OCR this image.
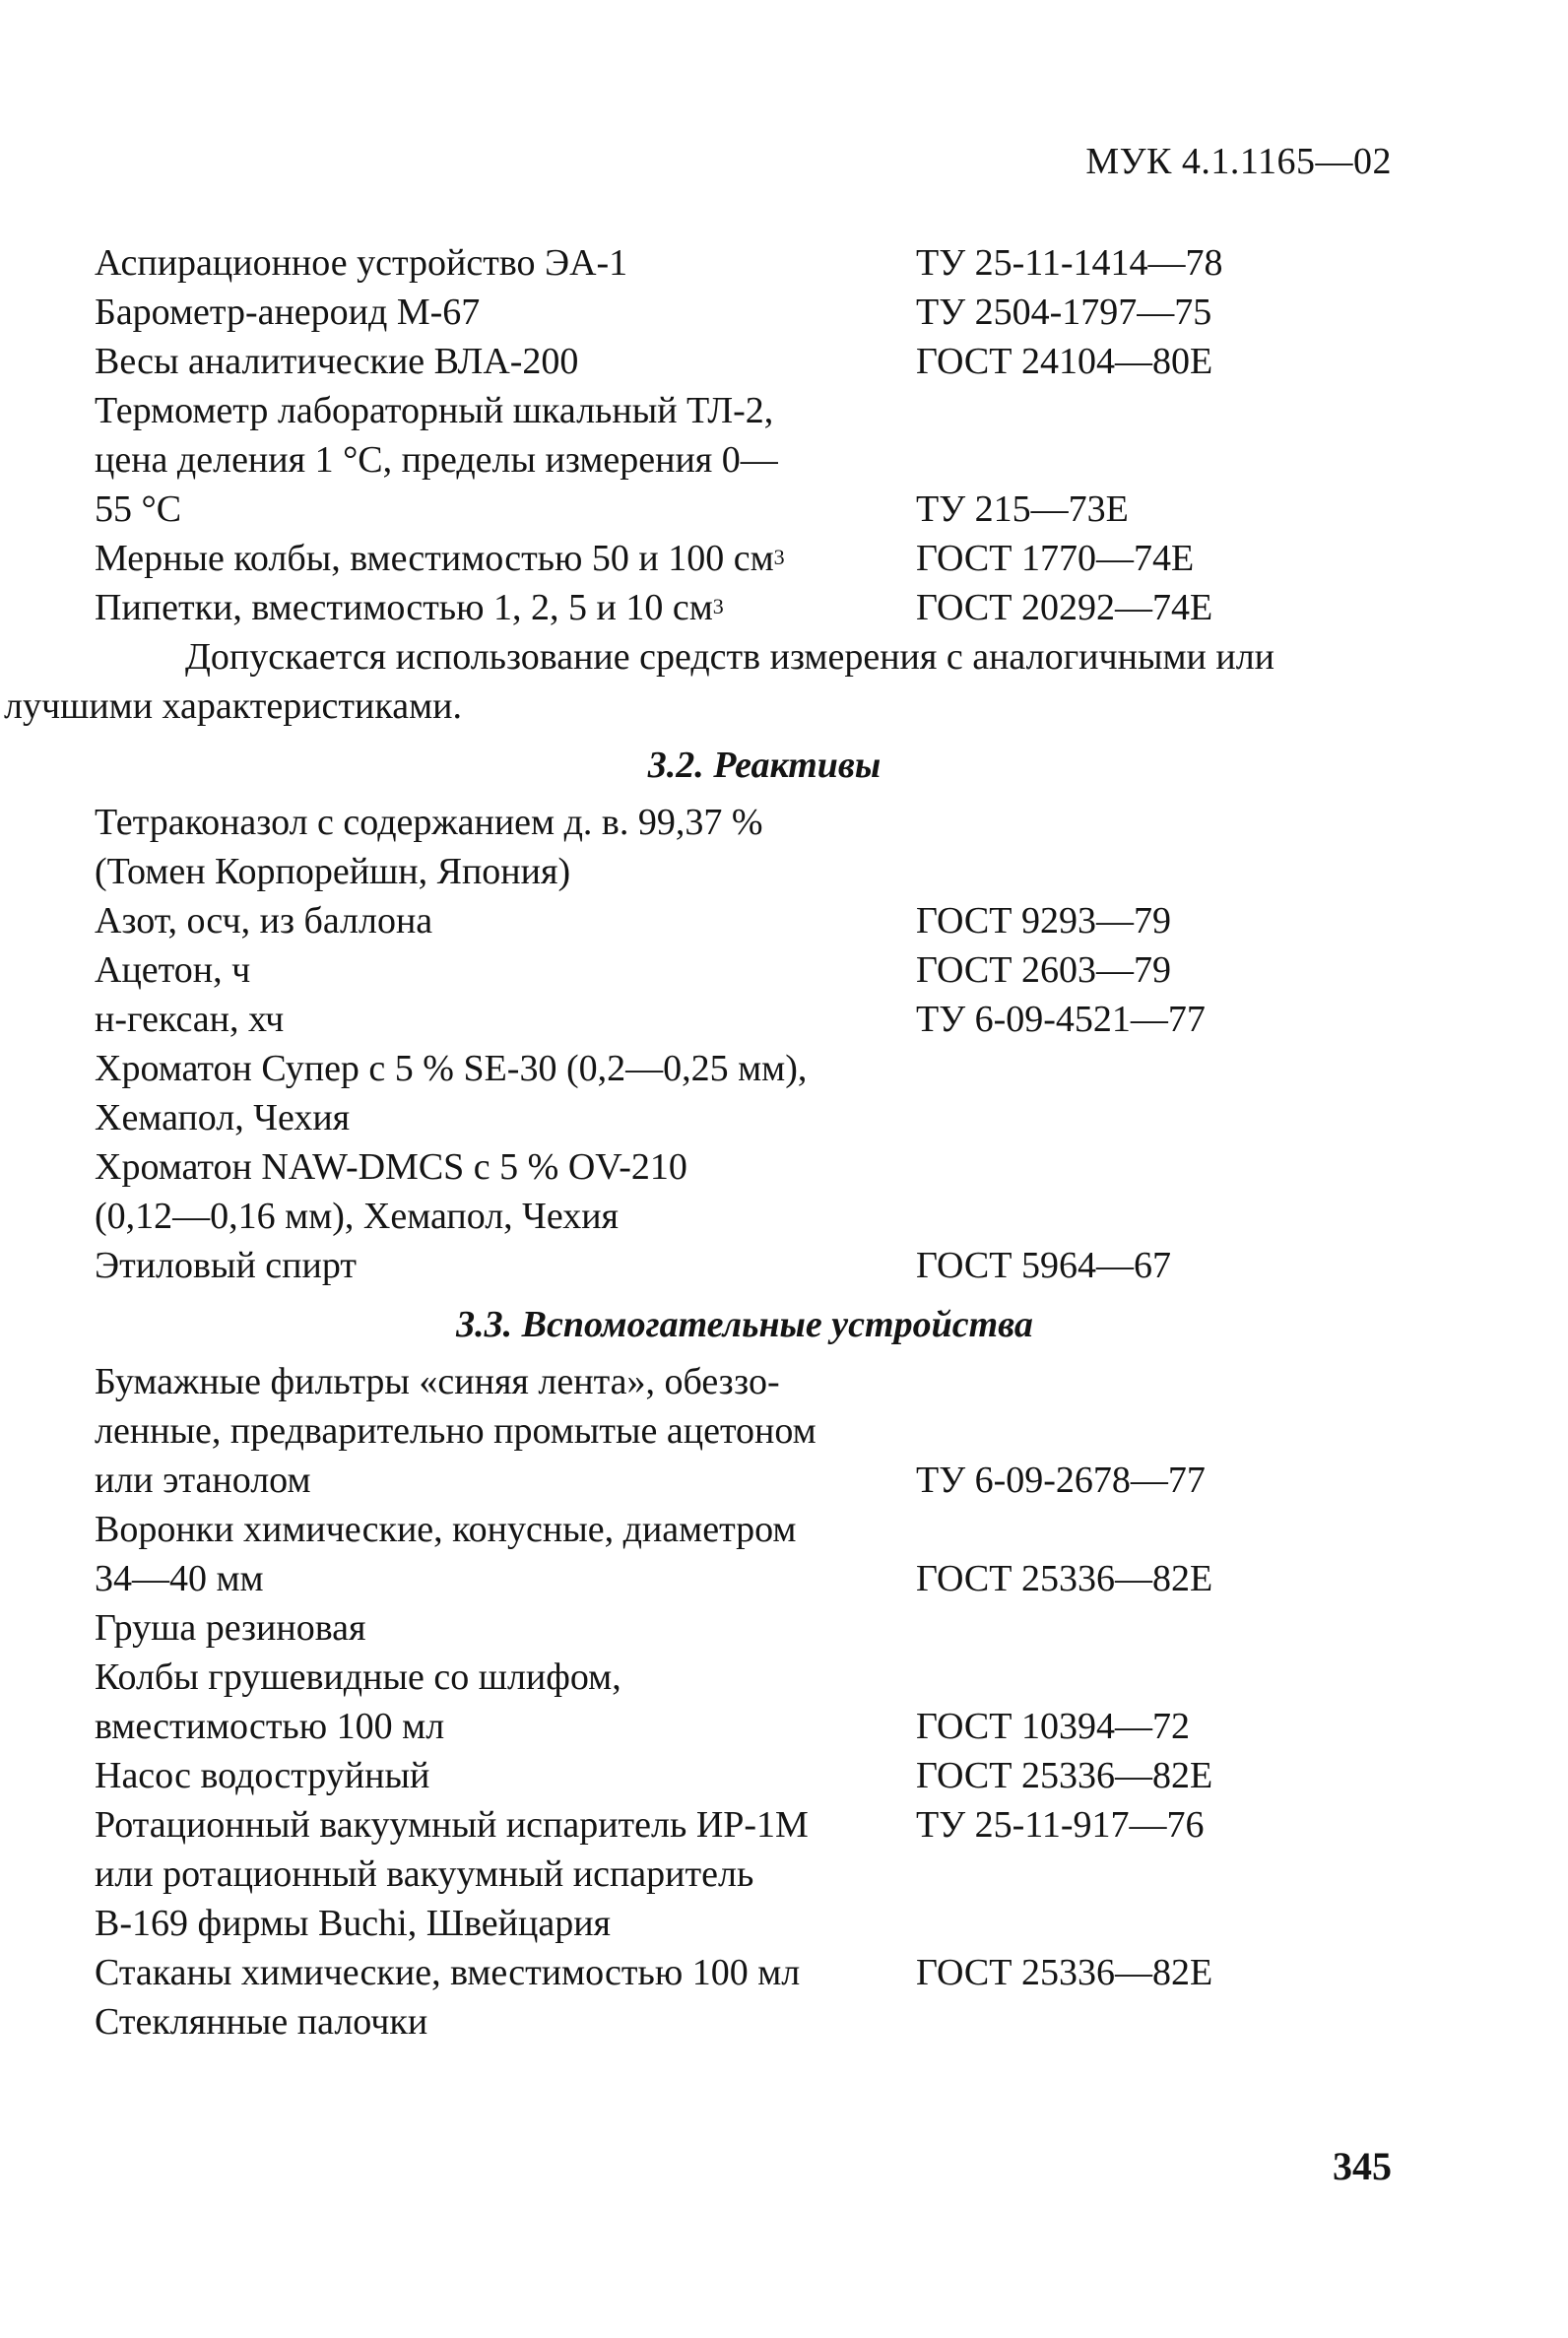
МУК 4.1.1165—02
Аспирационное устройство ЭА-1	ТУ 25-11-1414—78
Барометр-анероид М-67	ТУ 2504-1797—75
Весы аналитические ВЛА-200	ГОСТ 24104—80Е
Термометр лабораторный шкальный ТЛ-2,
цена деления 1 °С, пределы измерения 0—
55 °С	ТУ 215—73Е
Мерные колбы, вместимостью 50 и 100 $см^3$	ГОСТ 1770—74Е
Пипетки, вместимостью 1, 2, 5 и 10 $см^3$	ГОСТ 20292—74Е

Допускается использование средств измерения с аналогичными или
лучшими характеристиками.

3.2. Реактивы
Тетраконазол с содержанием д. в. 99,37 %
(Томен Корпорейшн, Япония)
Азот, осч, из баллона	ГОСТ 9293—79
Ацетон, ч	ГОСТ 2603—79
н-гексан, хч	ТУ 6-09-4521—77
Хроматон Супер с 5 % SE-30 (0,2—0,25 мм),
Хемапол, Чехия
Хроматон NAW-DMCS с 5 % OV-210
(0,12—0,16 мм), Хемапол, Чехия
Этиловый спирт	ГОСТ 5964—67
3.3. Вспомогательные устройства
Бумажные фильтры «синяя лента», обеззо-
ленные, предварительно промытые ацетоном
или этанолом	ТУ 6-09-2678—77
Воронки химические, конусные, диаметром
34—40 мм	ГОСТ 25336—82Е
Груша резиновая
Колбы грушевидные со шлифом,
вместимостью 100 мл	ГОСТ 10394—72
Насос водоструйный	ГОСТ 25336—82Е
Ротационный вакуумный испаритель ИР-1М	ТУ 25-11-917—76
или ротационный вакуумный испаритель
В-169 фирмы Buchi, Швейцария
Стаканы химические, вместимостью 100 мл	ГОСТ 25336—82Е
Стеклянные палочки
345
